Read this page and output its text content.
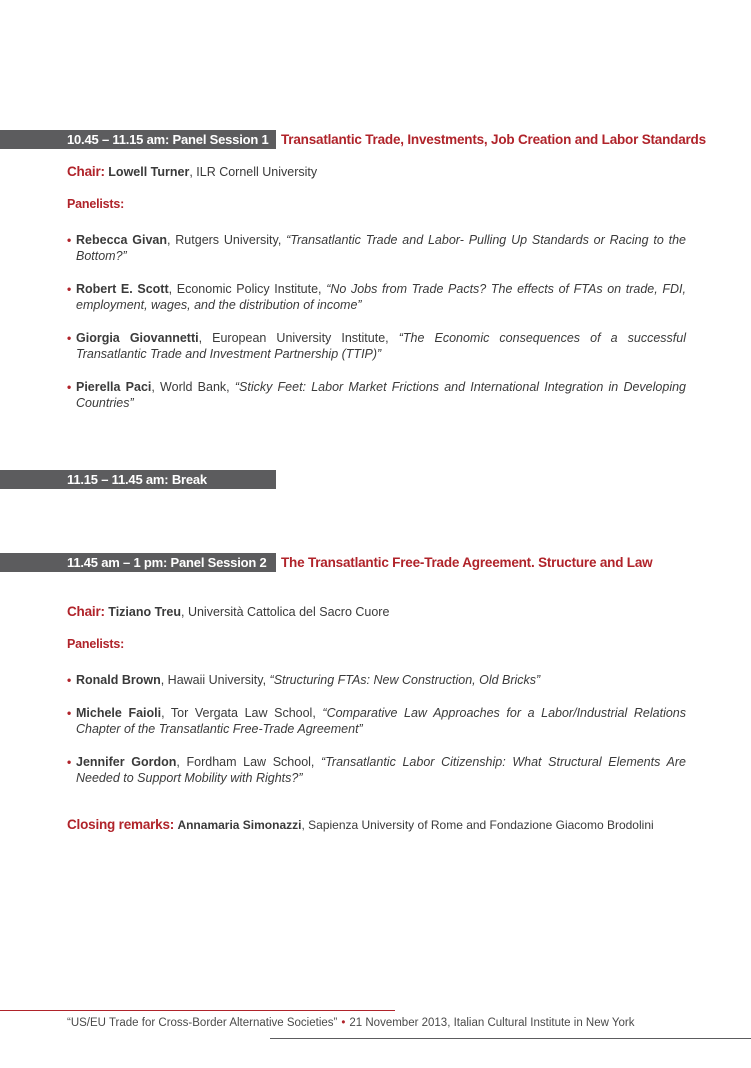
10.45 – 11.15 am: Panel Session 1 Transatlantic Trade, Investments, Job Creation and Labor Standards
Chair: Lowell Turner, ILR Cornell University
Panelists:
• Rebecca Givan, Rutgers University, “Transatlantic Trade and Labor- Pulling Up Standards or Racing to the Bottom?”
• Robert E. Scott, Economic Policy Institute, “No Jobs from Trade Pacts? The effects of FTAs on trade, FDI, employment, wages, and the distribution of income”
• Giorgia Giovannetti, European University Institute, “The Economic consequences of a successful Transatlantic Trade and Investment Partnership (TTIP)”
• Pierella Paci, World Bank, “Sticky Feet: Labor Market Frictions and International Integration in Developing Countries”
11.15 – 11.45 am: Break
11.45 am – 1 pm: Panel Session 2	The Transatlantic Free-Trade Agreement. Structure and Law
Chair: Tiziano Treu, Università Cattolica del Sacro Cuore
Panelists:
• Ronald Brown, Hawaii University, “Structuring FTAs: New Construction, Old Bricks”
• Michele Faioli, Tor Vergata Law School, “Comparative Law Approaches for a Labor/Industrial Relations Chapter of the Transatlantic Free-Trade Agreement”
• Jennifer Gordon, Fordham Law School, “Transatlantic Labor Citizenship: What Structural Elements Are Needed to Support Mobility with Rights?”
Closing remarks: Annamaria Simonazzi, Sapienza University of Rome and Fondazione Giacomo Brodolini
“US/EU Trade for Cross-Border Alternative Societies” • 21 November 2013, Italian Cultural Institute in New York
